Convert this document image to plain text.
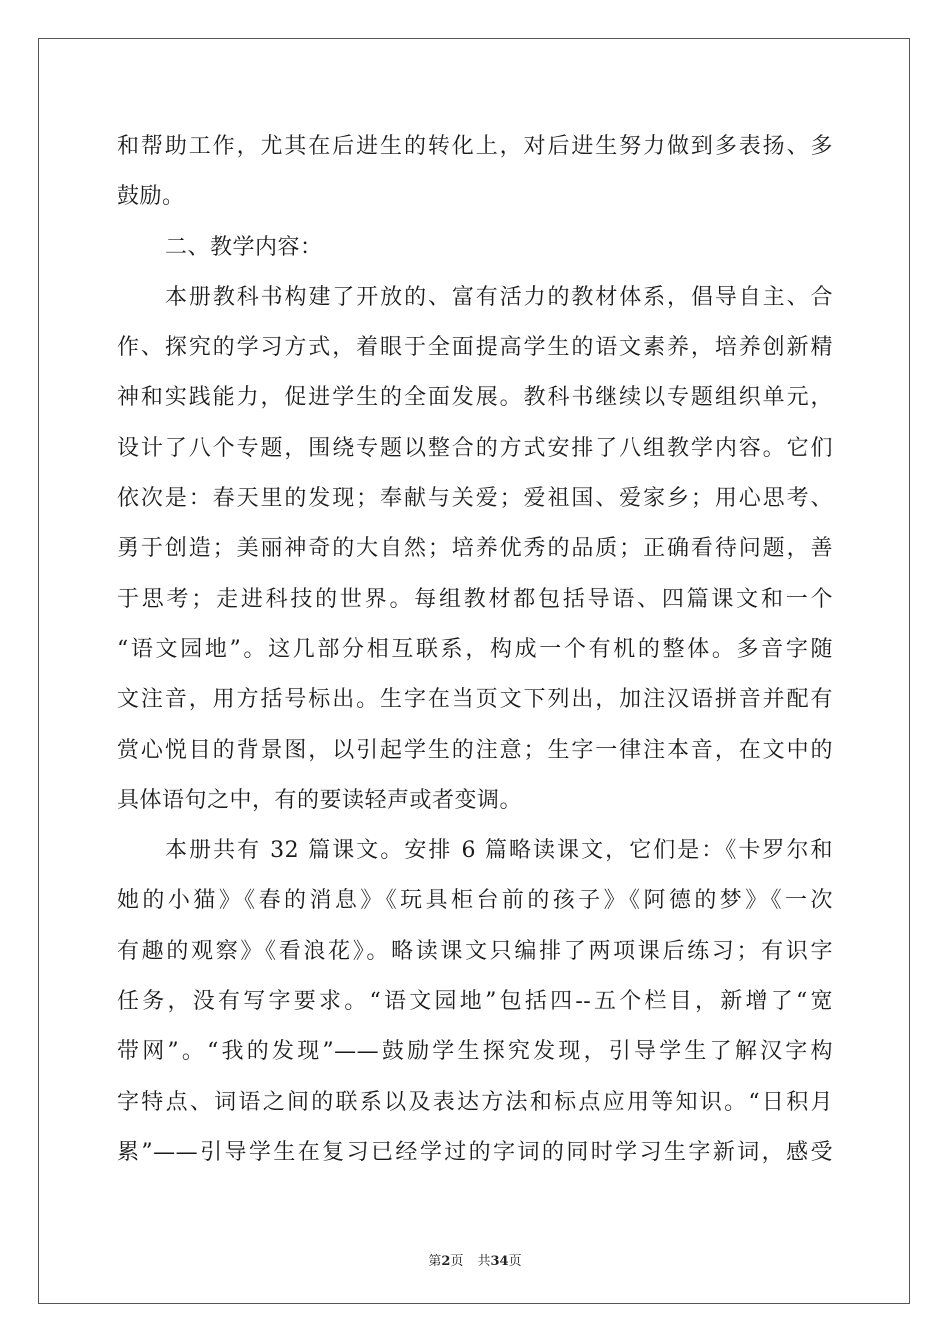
和帮助工作，尤其在后进生的转化上，对后进生努力做到多表扬、多
鼓励。
二、教学内容：
本册教科书构建了开放的、富有活力的教材体系，倡导自主、合
作、探究的学习方式，着眼于全面提高学生的语文素养，培养创新精
神和实践能力，促进学生的全面发展。教科书继续以专题组织单元，
设计了八个专题，围绕专题以整合的方式安排了八组教学内容。它们
依次是：春天里的发现；奉献与关爱；爱祖国、爱家乡；用心思考、
勇于创造；美丽神奇的大自然；培养优秀的品质；正确看待问题，善
于思考；走进科技的世界。每组教材都包括导语、四篇课文和一个
“语文园地”。这几部分相互联系，构成一个有机的整体。多音字随
文注音，用方括号标出。生字在当页文下列出，加注汉语拼音并配有
赏心悦目的背景图，以引起学生的注意；生字一律注本音，在文中的
具体语句之中，有的要读轻声或者变调。
本册共有 32 篇课文。安排 6 篇略读课文，它们是：《卡罗尔和
她的小猫》《春的消息》《玩具柜台前的孩子》《阿德的梦》《一次
有趣的观察》《看浪花》。略读课文只编排了两项课后练习；有识字
任务，没有写字要求。“语文园地”包括四--五个栏目，新增了“宽
带网”。“我的发现”——鼓励学生探究发现，引导学生了解汉字构
字特点、词语之间的联系以及表达方法和标点应用等知识。“日积月
累”——引导学生在复习已经学过的字词的同时学习生字新词，感受
第2页 共34页
